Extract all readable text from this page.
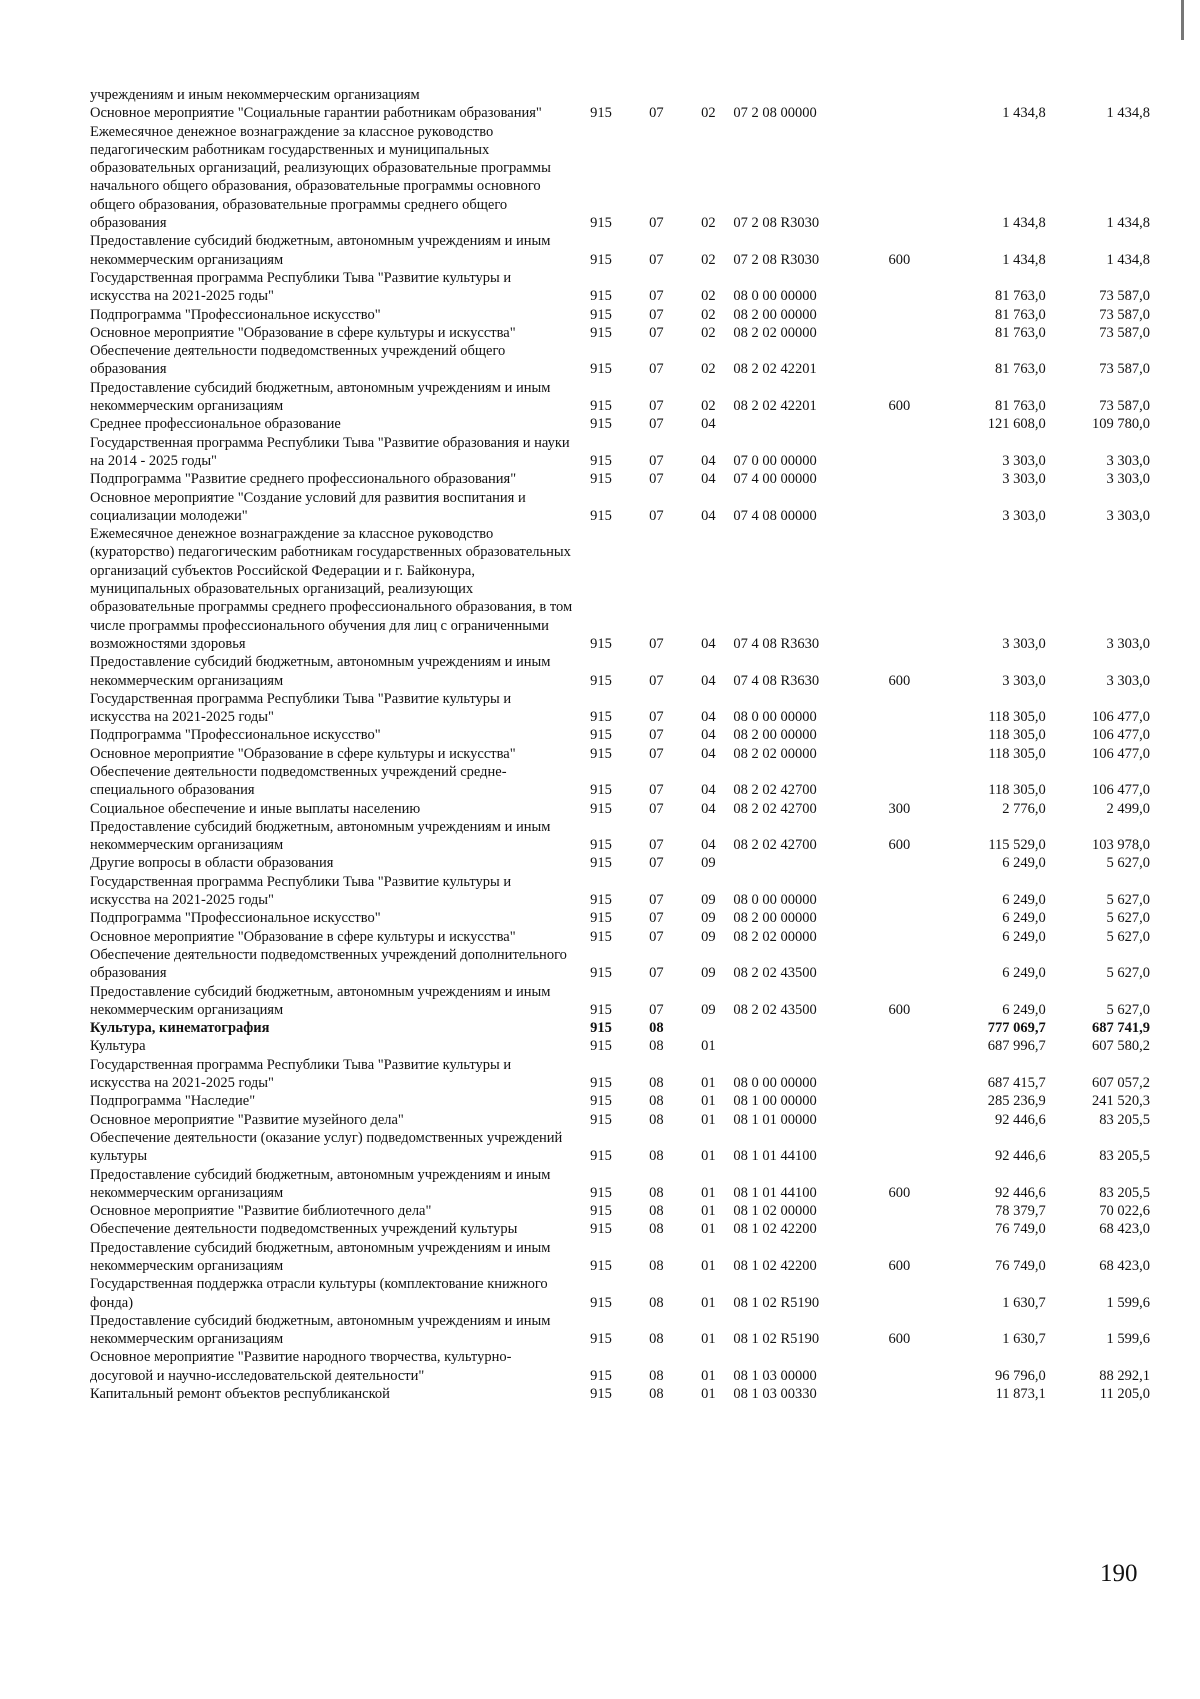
учреждениям и иным некоммерческим организациям							
Основное мероприятие "Социальные гарантии работникам образования"	915	07	02	07 2 08 00000		1 434,8	1 434,8
Ежемесячное денежное вознаграждение за классное руководство педагогическим работникам государственных и муниципальных образовательных организаций, реализующих образовательные программы начального общего образования, образовательные программы основного общего образования, образовательные программы среднего общего образования	915	07	02	07 2 08 R3030		1 434,8	1 434,8
Предоставление субсидий бюджетным, автономным учреждениям и иным некоммерческим организациям	915	07	02	07 2 08 R3030	600	1 434,8	1 434,8
Государственная программа Республики Тыва "Развитие культуры и искусства на 2021-2025 годы"	915	07	02	08 0 00 00000		81 763,0	73 587,0
Подпрограмма "Профессиональное искусство"	915	07	02	08 2 00 00000		81 763,0	73 587,0
Основное мероприятие "Образование в сфере культуры и искусства"	915	07	02	08 2 02 00000		81 763,0	73 587,0
Обеспечение деятельности подведомственных учреждений общего образования	915	07	02	08 2 02 42201		81 763,0	73 587,0
Предоставление субсидий бюджетным, автономным учреждениям и иным некоммерческим организациям	915	07	02	08 2 02 42201	600	81 763,0	73 587,0
Среднее профессиональное образование	915	07	04			121 608,0	109 780,0
Государственная программа Республики Тыва "Развитие образования и науки на 2014 - 2025 годы"	915	07	04	07 0 00 00000		3 303,0	3 303,0
Подпрограмма "Развитие среднего профессионального образования"	915	07	04	07 4 00 00000		3 303,0	3 303,0
Основное мероприятие "Создание условий для развития воспитания и социализации молодежи"	915	07	04	07 4 08 00000		3 303,0	3 303,0
Ежемесячное денежное вознаграждение за классное руководство (кураторство) педагогическим работникам государственных образовательных организаций субъектов Российской Федерации и г. Байконура, муниципальных образовательных организаций, реализующих образовательные программы среднего профессионального образования, в том числе программы профессионального обучения для лиц с ограниченными возможностями здоровья	915	07	04	07 4 08 R3630		3 303,0	3 303,0
Предоставление субсидий бюджетным, автономным учреждениям и иным некоммерческим организациям	915	07	04	07 4 08 R3630	600	3 303,0	3 303,0
Государственная программа Республики Тыва "Развитие культуры и искусства на 2021-2025 годы"	915	07	04	08 0 00 00000		118 305,0	106 477,0
Подпрограмма "Профессиональное искусство"	915	07	04	08 2 00 00000		118 305,0	106 477,0
Основное мероприятие "Образование в сфере культуры и искусства"	915	07	04	08 2 02 00000		118 305,0	106 477,0
Обеспечение деятельности подведомственных учреждений средне-специального образования	915	07	04	08 2 02 42700		118 305,0	106 477,0
Социальное обеспечение и иные выплаты населению	915	07	04	08 2 02 42700	300	2 776,0	2 499,0
Предоставление субсидий бюджетным, автономным учреждениям и иным некоммерческим организациям	915	07	04	08 2 02 42700	600	115 529,0	103 978,0
Другие вопросы в области образования	915	07	09			6 249,0	5 627,0
Государственная программа Республики Тыва "Развитие культуры и искусства на 2021-2025 годы"	915	07	09	08 0 00 00000		6 249,0	5 627,0
Подпрограмма "Профессиональное искусство"	915	07	09	08 2 00 00000		6 249,0	5 627,0
Основное мероприятие "Образование в сфере культуры и искусства"	915	07	09	08 2 02 00000		6 249,0	5 627,0
Обеспечение деятельности подведомственных учреждений дополнительного образования	915	07	09	08 2 02 43500		6 249,0	5 627,0
Предоставление субсидий бюджетным, автономным учреждениям и иным некоммерческим организациям	915	07	09	08 2 02 43500	600	6 249,0	5 627,0
Культура, кинематография	915	08				777 069,7	687 741,9
Культура	915	08	01			687 996,7	607 580,2
Государственная программа Республики Тыва "Развитие культуры и искусства на 2021-2025 годы"	915	08	01	08 0 00 00000		687 415,7	607 057,2
Подпрограмма "Наследие"	915	08	01	08 1 00 00000		285 236,9	241 520,3
Основное мероприятие "Развитие музейного дела"	915	08	01	08 1 01 00000		92 446,6	83 205,5
Обеспечение деятельности (оказание услуг) подведомственных учреждений культуры	915	08	01	08 1 01 44100		92 446,6	83 205,5
Предоставление субсидий бюджетным, автономным учреждениям и иным некоммерческим организациям	915	08	01	08 1 01 44100	600	92 446,6	83 205,5
Основное мероприятие "Развитие библиотечного дела"	915	08	01	08 1 02 00000		78 379,7	70 022,6
Обеспечение деятельности подведомственных учреждений культуры	915	08	01	08 1 02 42200		76 749,0	68 423,0
Предоставление субсидий бюджетным, автономным учреждениям и иным некоммерческим организациям	915	08	01	08 1 02 42200	600	76 749,0	68 423,0
Государственная поддержка отрасли культуры (комплектование книжного фонда)	915	08	01	08 1 02 R5190		1 630,7	1 599,6
Предоставление субсидий бюджетным, автономным учреждениям и иным некоммерческим организациям	915	08	01	08 1 02 R5190	600	1 630,7	1 599,6
Основное мероприятие "Развитие народного творчества, культурно-досуговой и научно-исследовательской деятельности"	915	08	01	08 1 03 00000		96 796,0	88 292,1
Капитальный ремонт объектов республиканской	915	08	01	08 1 03 00330		11 873,1	11 205,0
190
